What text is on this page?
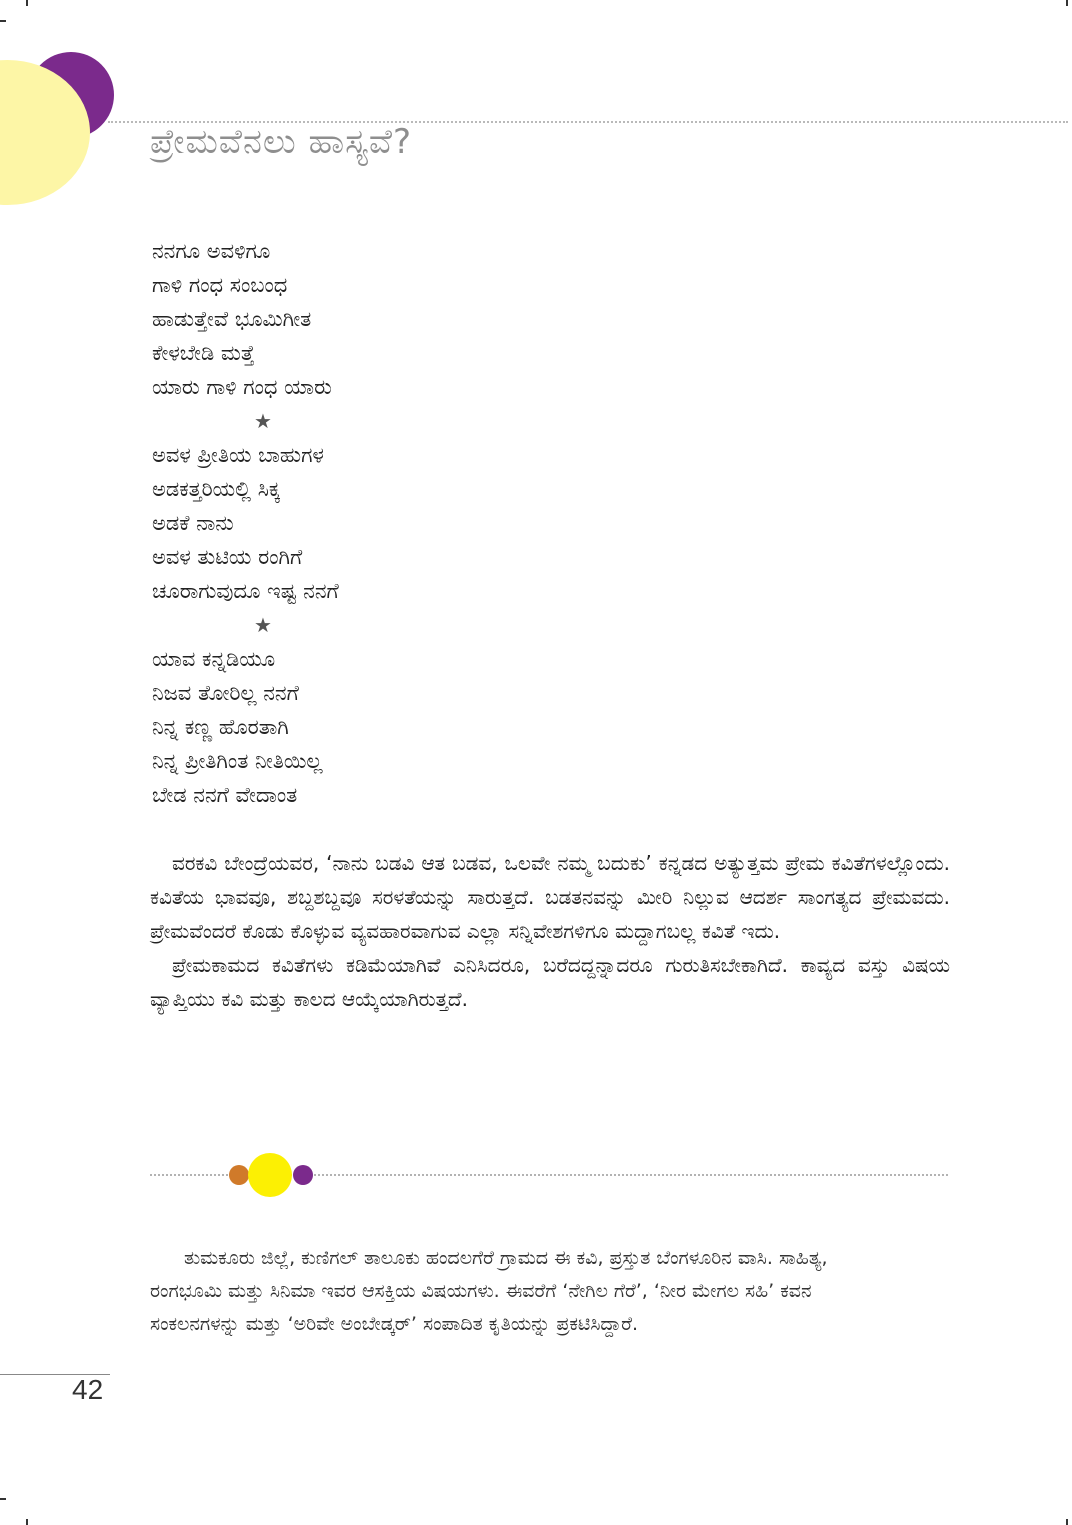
ಪ್ರೇಮವೆನಲು ಹಾಸ್ಯವೆ?
ನನಗೂ ಅವಳಿಗೂ
ಗಾಳಿ ಗಂಧ ಸಂಬಂಧ
ಹಾಡುತ್ತೇವೆ ಭೂಮಿಗೀತ
ಕೇಳಬೇಡಿ ಮತ್ತೆ
ಯಾರು ಗಾಳಿ ಗಂಧ ಯಾರು
★
ಅವಳ ಪ್ರೀತಿಯ ಬಾಹುಗಳ
ಅಡಕತ್ತರಿಯಲ್ಲಿ ಸಿಕ್ಕ
ಅಡಕೆ ನಾನು
ಅವಳ ತುಟಿಯ ರಂಗಿಗೆ
ಚೂರಾಗುವುದೂ ಇಷ್ಟ ನನಗೆ
★
ಯಾವ ಕನ್ನಡಿಯೂ
ನಿಜವ ತೋರಿಲ್ಲ ನನಗೆ
ನಿನ್ನ ಕಣ್ಣ ಹೊರತಾಗಿ
ನಿನ್ನ ಪ್ರೀತಿಗಿಂತ ನೀತಿಯಿಲ್ಲ
ಬೇಡ ನನಗೆ ವೇದಾಂತ

ವರಕವಿ ಬೇಂದ್ರೆಯವರ, ‘ನಾನು ಬಡವಿ ಆತ ಬಡವ, ಒಲವೇ ನಮ್ಮ ಬದುಕು’ ಕನ್ನಡದ ಅತ್ಯುತ್ತಮ ಪ್ರೇಮ ಕವಿತೆಗಳಲ್ಲೊಂದು. ಕವಿತೆಯ ಭಾವವೂ, ಶಬ್ದಶಬ್ದವೂ ಸರಳತೆಯನ್ನು ಸಾರುತ್ತದೆ. ಬಡತನವನ್ನು ಮೀರಿ ನಿಲ್ಲುವ ಆದರ್ಶ ಸಾಂಗತ್ಯದ ಪ್ರೇಮವದು. ಪ್ರೇಮವೆಂದರೆ ಕೊಡು ಕೊಳ್ಳುವ ವ್ಯವಹಾರವಾಗುವ ಎಲ್ಲಾ ಸನ್ನಿವೇಶಗಳಿಗೂ ಮದ್ದಾಗಬಲ್ಲ ಕವಿತೆ ಇದು.

ಪ್ರೇಮಕಾಮದ ಕವಿತೆಗಳು ಕಡಿಮೆಯಾಗಿವೆ ಎನಿಸಿದರೂ, ಬರೆದದ್ದನ್ನಾದರೂ ಗುರುತಿಸಬೇಕಾಗಿದೆ. ಕಾವ್ಯದ ವಸ್ತು ವಿಷಯ ವ್ಯಾಪ್ತಿಯು ಕವಿ ಮತ್ತು ಕಾಲದ ಆಯ್ಕೆಯಾಗಿರುತ್ತದೆ.

ತುಮಕೂರು ಜಿಲ್ಲೆ, ಕುಣಿಗಲ್ ತಾಲೂಕು ಹಂದಲಗೆರೆ ಗ್ರಾಮದ ಈ ಕವಿ, ಪ್ರಸ್ತುತ ಬೆಂಗಳೂರಿನ ವಾಸಿ. ಸಾಹಿತ್ಯ, ರಂಗಭೂಮಿ ಮತ್ತು ಸಿನಿಮಾ ಇವರ ಆಸಕ್ತಿಯ ವಿಷಯಗಳು. ಈವರೆಗೆ ‘ನೇಗಿಲ ಗೆರೆ’, ‘ನೀರ ಮೇಗಲ ಸಹಿ’ ಕವನ ಸಂಕಲನಗಳನ್ನು ಮತ್ತು ‘ಅರಿವೇ ಅಂಬೇಡ್ಕರ್’ ಸಂಪಾದಿತ ಕೃತಿಯನ್ನು ಪ್ರಕಟಿಸಿದ್ದಾರೆ.

42
